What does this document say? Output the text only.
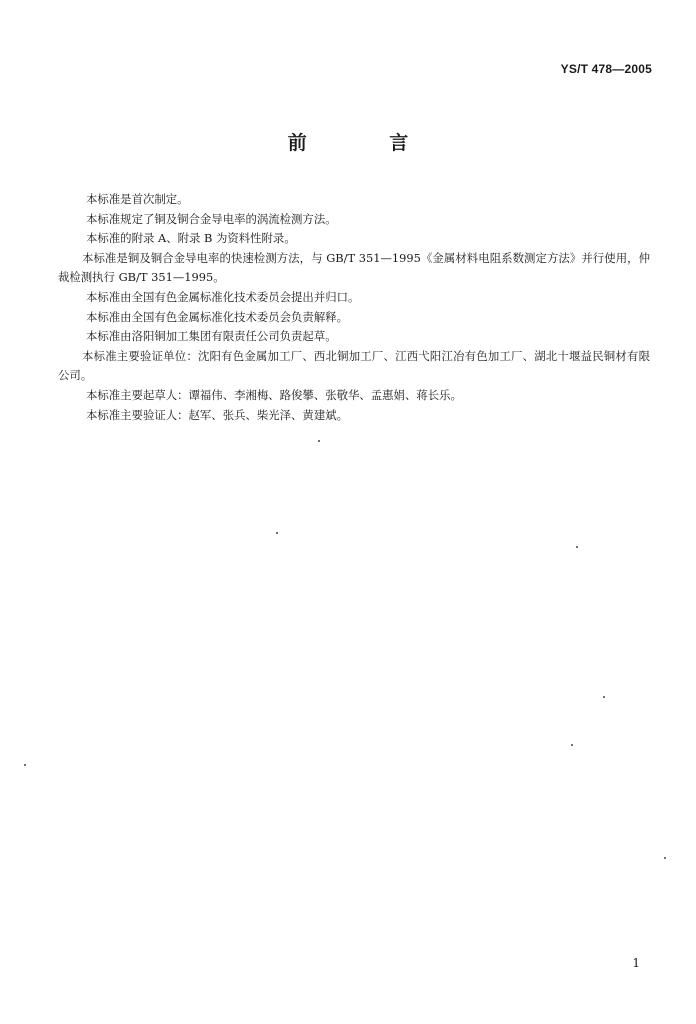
YS/T 478—2005
前 言

本标准是首次制定。

本标准规定了铜及铜合金导电率的涡流检测方法。

本标准的附录 A、附录 B 为资料性附录。

本标准是铜及铜合金导电率的快速检测方法，与 GB/T 351—1995《金属材料电阻系数测定方法》并行使用，仲裁检测执行 GB/T 351—1995。

本标准由全国有色金属标准化技术委员会提出并归口。

本标准由全国有色金属标准化技术委员会负责解释。

本标准由洛阳铜加工集团有限责任公司负责起草。

本标准主要验证单位：沈阳有色金属加工厂、西北铜加工厂、江西弋阳江冶有色加工厂、湖北十堰益民铜材有限公司。

本标准主要起草人：谭福伟、李湘梅、路俊攀、张敬华、孟惠娟、蒋长乐。

本标准主要验证人：赵军、张兵、柴光泽、黄建斌。

1
